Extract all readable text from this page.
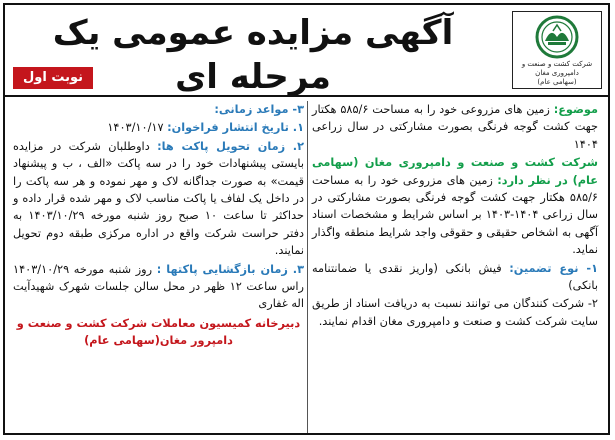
شرکت کشت و صنعت و
دامپروری مغان
(سهامی عام)
آگهی مزایده عمومی یک مرحله ای
نوبت اول

موضوع: زمین های مزروعی خود را به مساحت ۵۸۵/۶ هکتار جهت کشت گوجه فرنگی بصورت مشارکتی در سال زراعی ۱۴۰۴

شرکت کشت و صنعت و دامپروری مغان (سهامی عام) در نظر دارد: زمین های مزروعی خود را به مساحت ۵۸۵/۶ هکتار جهت کشت گوجه فرنگی بصورت مشارکتی در سال زراعی ۱۴۰۴-۱۴۰۳ بر اساس شرایط و مشخصات اسناد آگهی به اشخاص حقیقی و حقوقی واجد شرایط منطقه واگذار نماید.

۱- نوع تضمین: فیش بانکی (واریز نقدی یا ضمانتنامه بانکی)

۲- شرکت کنندگان می توانند نسبت به دریافت اسناد از طریق سایت شرکت کشت و صنعت و دامپروری مغان اقدام نمایند.

۳- مواعد زمانی:

۱. تاریخ انتشار فراخوان: ۱۴۰۳/۱۰/۱۷

۲. زمان تحویل پاکت ها: داوطلبان شرکت در مزایده بایستی پیشنهادات خود را در سه پاکت «الف ، ب و پیشنهاد قیمت» به صورت جداگانه لاک و مهر نموده و هر سه پاکت را در داخل یک لفاف یا پاکت مناسب لاک و مهر شده قرار داده و حداکثر تا ساعت ۱۰ صبح روز شنبه مورخه ۱۴۰۳/۱۰/۲۹ به دفتر حراست شرکت واقع در اداره مرکزی طبقه دوم تحویل نمایند.

۳. زمان بازگشایی پاکتها : روز شنبه مورخه ۱۴۰۳/۱۰/۲۹ راس ساعت ۱۲ ظهر در محل سالن جلسات شهرک شهیدآیت اله غفاری

دبیرخانه کمیسیون معاملات شرکت کشت و صنعت و دامپرور مغان(سهامی عام)
